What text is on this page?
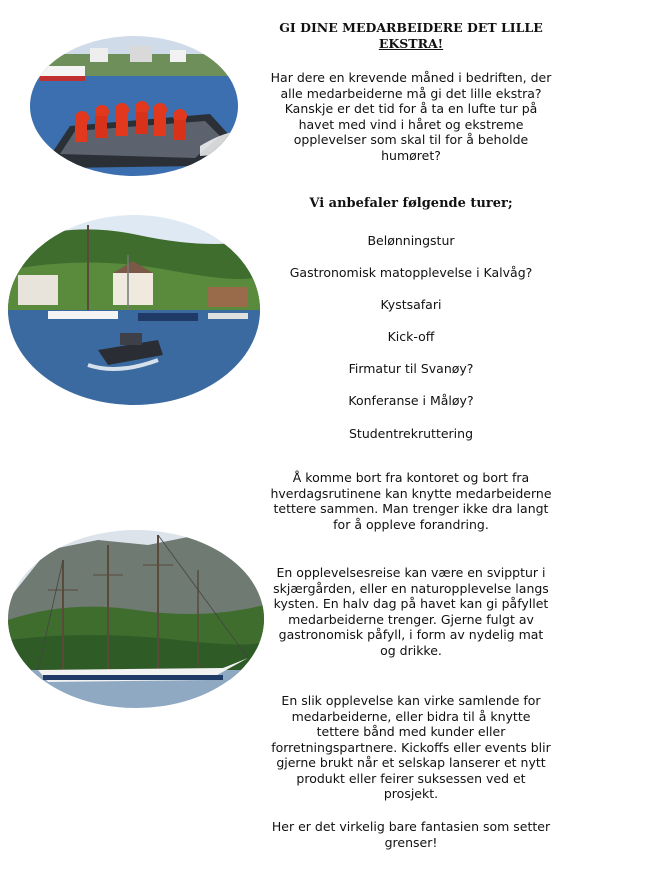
GI DINE MEDARBEIDERE DET LILLE
EKSTRA!
Har dere en krevende måned i bedriften, der alle medarbeiderne må gi det lille ekstra? Kanskje er det tid for å ta en lufte tur på havet med vind i håret og ekstreme opplevelser som skal til for å beholde humøret?
Vi anbefaler følgende turer;
Belønningstur
Gastronomisk matopplevelse i Kalvåg?
Kystsafari
Kick-off
Firmatur til Svanøy?
Konferanse i Måløy?
Studentrekruttering
Å komme bort fra kontoret og bort fra hverdagsrutinene kan knytte medarbeiderne tettere sammen. Man trenger ikke dra langt for å oppleve forandring.
En opplevelsesreise kan være en svipptur i skjærgården, eller en naturopplevelse langs kysten. En halv dag på havet kan gi påfyllet medarbeiderne trenger. Gjerne fulgt av gastronomisk påfyll, i form av nydelig mat og drikke.
En slik opplevelse kan virke samlende for medarbeiderne, eller bidra til å knytte tettere bånd med kunder eller forretningspartnere. Kickoffs eller events blir gjerne brukt når et selskap lanserer et nytt produkt eller feirer suksessen ved et prosjekt.
Her er det virkelig bare fantasien som setter grenser!
